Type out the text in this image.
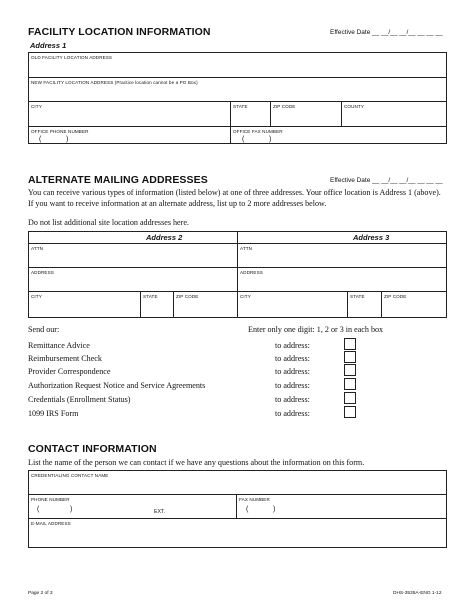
FACILITY LOCATION INFORMATION	Effective Date __ __/__ __/__ __ __ __
Address 1
OLD FACILITY LOCATION ADDRESS
NEW FACILITY LOCATION ADDRESS (Practice location cannot be a PO Box)
CITY	STATE	ZIP CODE	COUNTY
OFFICE PHONE NUMBER
(	)
OFFICE FAX NUMBER
(	)
ALTERNATE MAILING ADDRESSES	Effective Date __ __/__ __/__ __ __ __
You can receive various types of information (listed below) at one of three addresses. Your office location is Address 1 (above). If you want to receive information at an alternate address, list up to 2 more addresses below.
Do not list additional site location addresses here.
Address 2	Address 3
ATTN	ATTN
ADDRESS	ADDRESS
CITY	STATE	ZIP CODE	CITY	STATE	ZIP CODE
Send our:	Enter only one digit: 1, 2 or 3 in each box
Remittance Advice	to address:
Reimbursement Check	to address:
Provider Correspondence	to address:
Authorization Request Notice and Service Agreements	to address:
Credentials (Enrollment Status)	to address:
1099 IRS Form	to address:
CONTACT INFORMATION
List the name of the person we can contact if we have any questions about the information on this form.
CREDENTIALING CONTACT NAME
PHONE NUMBER
(	)	EXT.
FAX NUMBER
(	)
E-MAIL ADDRESS
Page 2 of 3	DHS-3535A-ENG 1-12
